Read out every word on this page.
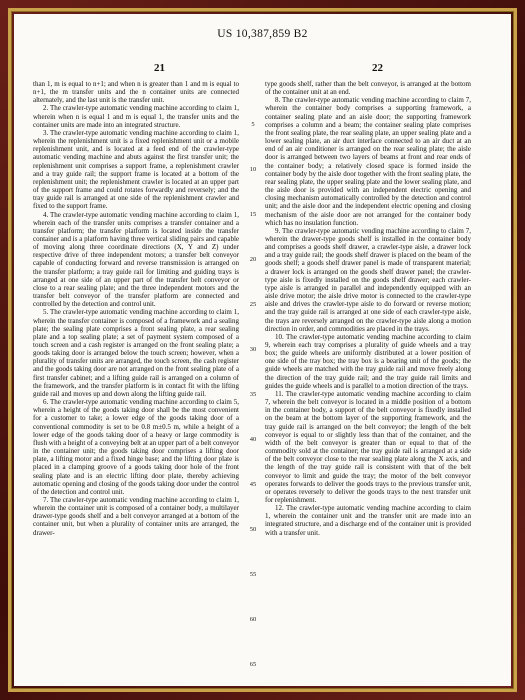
US 10,387,859 B2
21	22

than 1, m is equal to n+1; and when n is greater than 1 and m is equal to n+1, the m transfer units and the n container units are connected alternately, and the last unit is the transfer unit.

2. The crawler-type automatic vending machine according to claim 1, wherein when n is equal 1 and m is equal 1, the transfer units and the container units are made into an integrated structure.

3. The crawler-type automatic vending machine according to claim 1, wherein the replenishment unit is a fixed replenishment unit or a mobile replenishment unit, and is located at a feed end of the crawler-type automatic vending machine and abuts against the first transfer unit; the replenishment unit comprises a support frame, a replenishment crawler and a tray guide rail; the support frame is located at a bottom of the replenishment unit; the replenishment crawler is located at an upper part of the support frame and could rotates forwardly and reversely; and the tray guide rail is arranged at one side of the replenishment crawler and fixed to the support frame.

4. The crawler-type automatic vending machine according to claim 1, wherein each of the transfer units comprises a transfer container and a transfer platform; the transfer platform is located inside the transfer container and is a platform having three vertical sliding pairs and capable of moving along three coordinate directions (X, Y and Z) under respective drive of three independent motors; a transfer belt conveyor capable of conducting forward and reverse transmission is arranged on the transfer platform; a tray guide rail for limiting and guiding trays is arranged at one side of an upper part of the transfer belt conveyor or close to a rear sealing plate; and the three independent motors and the transfer belt conveyor of the transfer platform are connected and controlled by the detection and control unit.

5. The crawler-type automatic vending machine according to claim 1, wherein the transfer container is composed of a framework and a sealing plate; the sealing plate comprises a front sealing plate, a rear sealing plate and a top sealing plate; a set of payment system composed of a touch screen and a cash register is arranged on the front sealing plate; a goods taking door is arranged below the touch screen; however, when a plurality of transfer units are arranged, the touch screen, the cash register and the goods taking door are not arranged on the front sealing plate of a first transfer cabinet; and a lifting guide rail is arranged on a column of the framework, and the transfer platform is in contact fit with the lifting guide rail and moves up and down along the lifting guide rail.

6. The crawler-type automatic vending machine according to claim 5, wherein a height of the goods taking door shall be the most convenient for a customer to take; a lower edge of the goods taking door of a conventional commodity is set to be 0.8 m±0.5 m, while a height of a lower edge of the goods taking door of a heavy or large commodity is flush with a height of a conveying belt at an upper part of a belt conveyor in the container unit; the goods taking door comprises a lifting door plate, a lifting motor and a fixed hinge base; and the lifting door plate is placed in a clamping groove of a goods taking door hole of the front sealing plate and is an electric lifting door plate, thereby achieving automatic opening and closing of the goods taking door under the control of the detection and control unit.

7. The crawler-type automatic vending machine according to claim 1, wherein the container unit is composed of a container body, a multilayer drawer-type goods shelf and a belt conveyor arranged at a bottom of the container unit, but when a plurality of container units are arranged, the drawer-

5
10
15
20
25
30
35
40
45
50
55
60
65

type goods shelf, rather than the belt conveyor, is arranged at the bottom of the container unit at an end.

8. The crawler-type automatic vending machine according to claim 7, wherein the container body comprises a supporting framework, a container sealing plate and an aisle door; the supporting framework comprises a column and a beam; the container sealing plate comprises the front sealing plate, the rear sealing plate, an upper sealing plate and a lower sealing plate, an air duct interface connected to an air duct at an end of an air conditioner is arranged on the rear sealing plate; the aisle door is arranged between two layers of beams at front and rear ends of the container body; a relatively closed space is formed inside the container body by the aisle door together with the front sealing plate, the rear sealing plate, the upper sealing plate and the lower sealing plate, and the aisle door is provided with an independent electric opening and closing mechanism automatically controlled by the detection and control unit; and the aisle door and the independent electric opening and closing mechanism of the aisle door are not arranged for the container body which has no insulation function.

9. The crawler-type automatic vending machine according to claim 7, wherein the drawer-type goods shelf is installed in the container body and comprises a goods shelf drawer, a crawler-type aisle, a drawer lock and a tray guide rail; the goods shelf drawer is placed on the beam of the goods shelf; a goods shelf drawer panel is made of transparent material; a drawer lock is arranged on the goods shelf drawer panel; the crawler-type aisle is fixedly installed on the goods shelf drawer; each crawler-type aisle is arranged in parallel and independently equipped with an aisle drive motor; the aisle drive motor is connected to the crawler-type aisle and drives the crawler-type aisle to do forward or reverse motion; and the tray guide rail is arranged at one side of each crawler-type aisle, the trays are reversely arranged on the crawler-type aisle along a motion direction in order, and commodities are placed in the trays.

10. The crawler-type automatic vending machine according to claim 9, wherein each tray comprises a plurality of guide wheels and a tray box; the guide wheels are uniformly distributed at a lower position of one side of the tray box; the tray box is a bearing unit of the goods; the guide wheels are matched with the tray guide rail and move freely along the direction of the tray guide rail; and the tray guide rail limits and guides the guide wheels and is parallel to a motion direction of the trays.

11. The crawler-type automatic vending machine according to claim 7, wherein the belt conveyor is located in a middle position of a bottom in the container body, a support of the belt conveyor is fixedly installed on the beam at the bottom layer of the supporting framework, and the tray guide rail is arranged on the belt conveyor; the length of the belt conveyor is equal to or slightly less than that of the container, and the width of the belt conveyor is greater than or equal to that of the commodity sold at the container; the tray guide rail is arranged at a side of the belt conveyor close to the rear sealing plate along the X axis, and the length of the tray guide rail is consistent with that of the belt conveyor to limit and guide the tray; the motor of the belt conveyor operates forwards to deliver the goods trays to the previous transfer unit, or operates reversely to deliver the goods trays to the next transfer unit for replenishment.

12. The crawler-type automatic vending machine according to claim 1, wherein the container unit and the transfer unit are made into an integrated structure, and a discharge end of the container unit is provided with a transfer unit.
